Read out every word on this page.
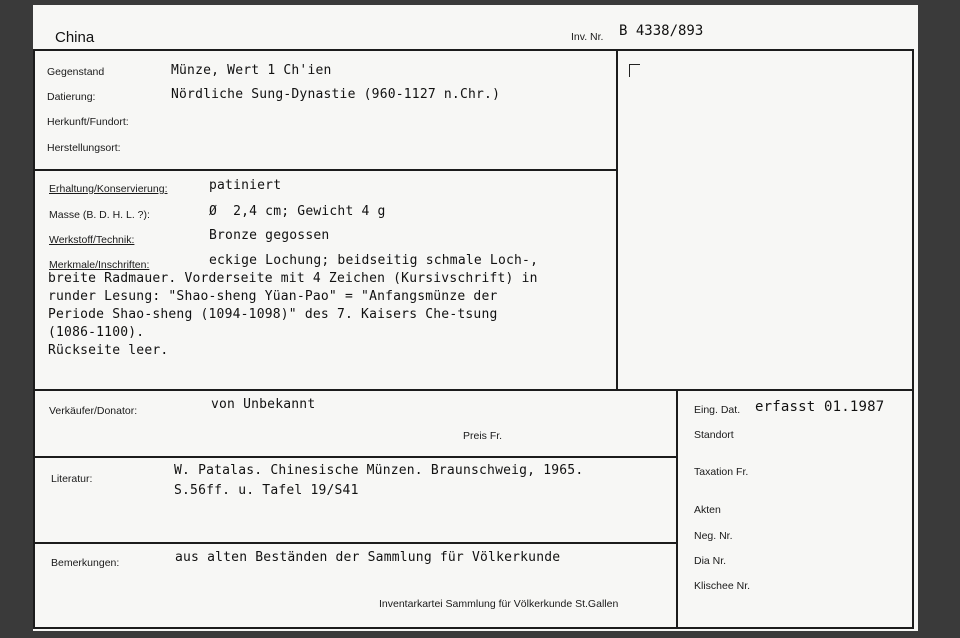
China	Inv. Nr. B 4338/893
Gegenstand	Münze, Wert 1 Ch'ien
Datierung:	Nördliche Sung-Dynastie (960-1127 n.Chr.)
Herkunft/Fundort:
Herstellungsort:
Erhaltung/Konservierung:	patiniert
Masse (B. D. H. L. ?):	Ø  2,4 cm; Gewicht 4 g
Werkstoff/Technik:	Bronze gegossen
Merkmale/Inschriften:	eckige Lochung; beidseitig schmale Loch-,
breite Radmauer. Vorderseite mit 4 Zeichen (Kursivschrift) in
runder Lesung: "Shao-sheng Yüan-Pao" = "Anfangsmünze der
Periode Shao-sheng (1094-1098)" des 7. Kaisers Che-tsung
(1086-1100).
Rückseite leer.
Verkäufer/Donator:	von Unbekannt
Preis Fr.
Literatur:
W. Patalas. Chinesische Münzen. Braunschweig, 1965.
S.56ff. u. Tafel 19/S41
Bemerkungen:	aus alten Beständen der Sammlung für Völkerkunde
Inventarkartei Sammlung für Völkerkunde St.Gallen
Eing. Dat. erfasst 01.1987
Standort
Taxation Fr.
Akten
Neg. Nr.
Dia Nr.
Klischee Nr.
